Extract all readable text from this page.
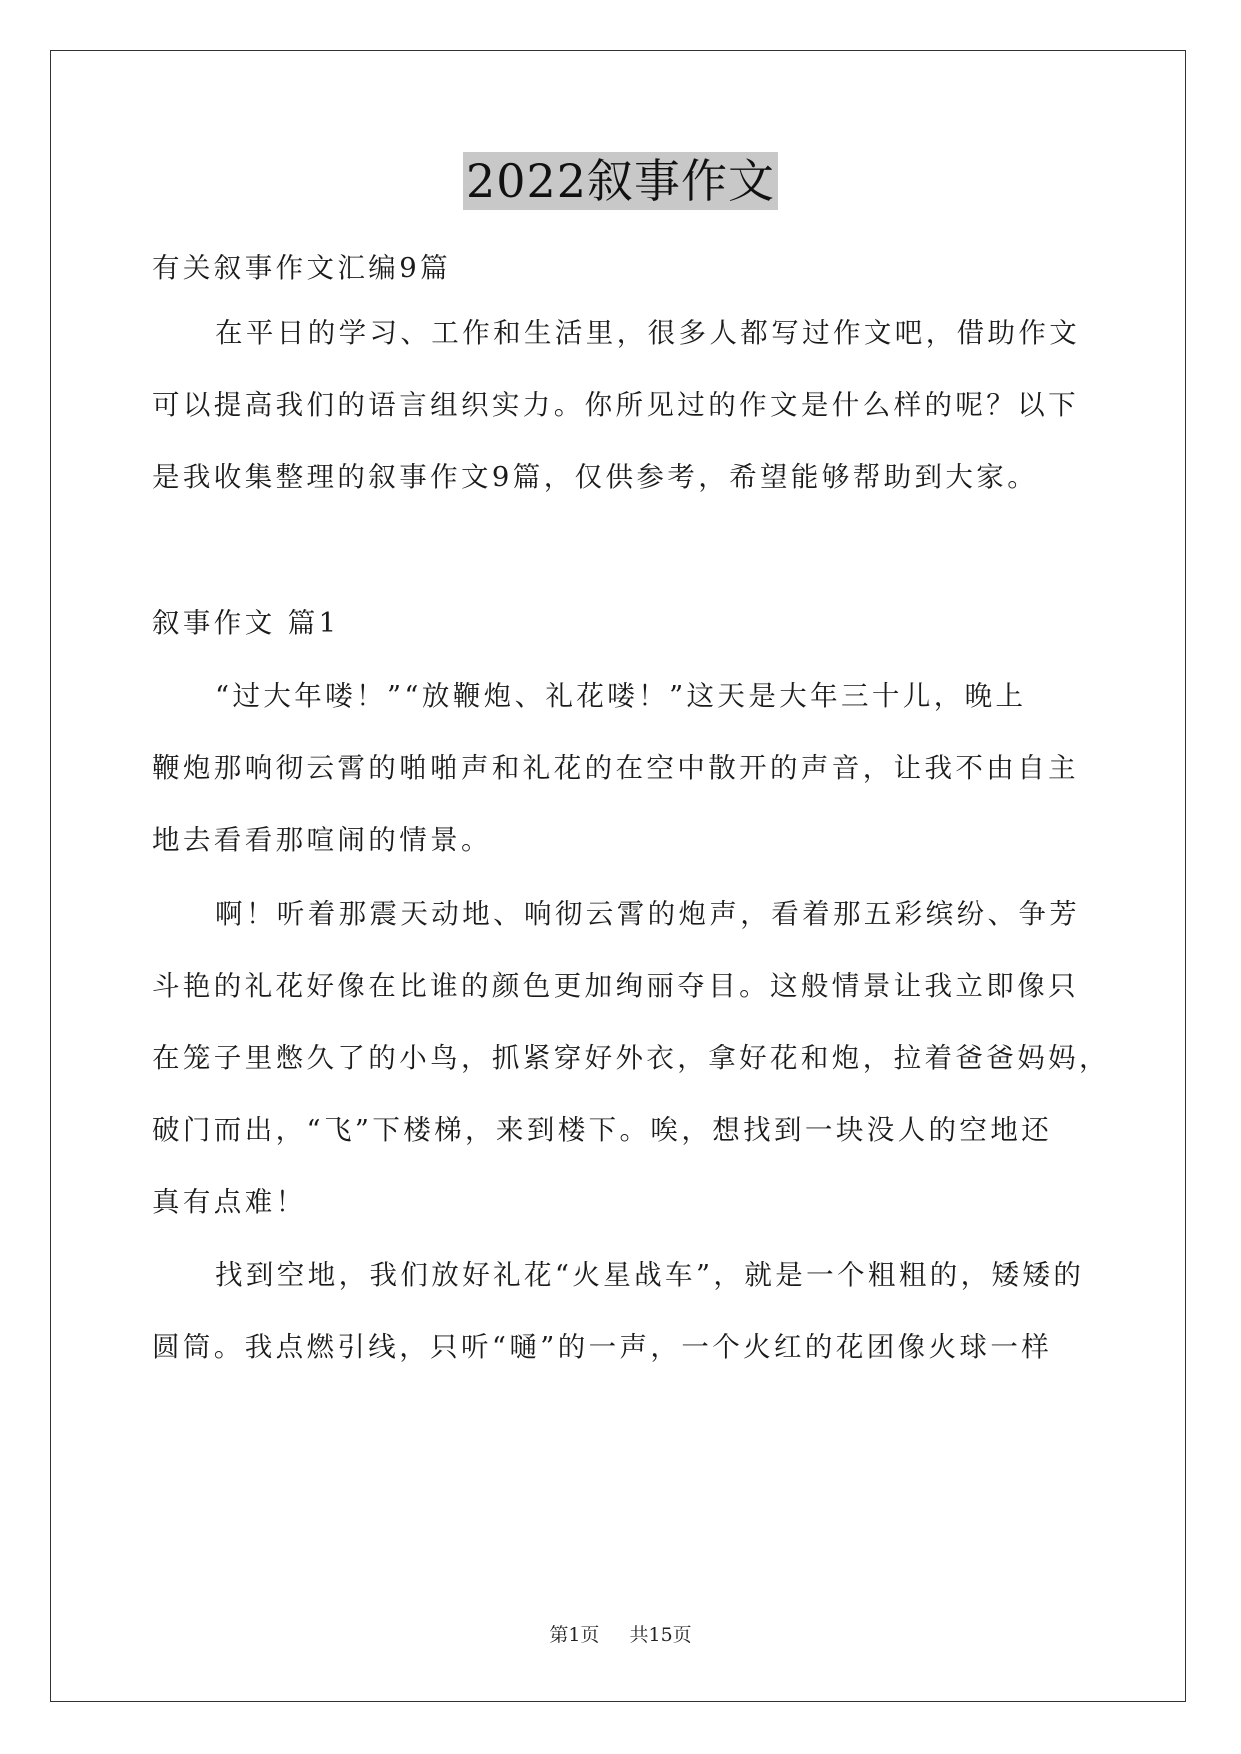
2022叙事作文
有关叙事作文汇编9篇
在平日的学习、工作和生活里，很多人都写过作文吧，借助作文
可以提高我们的语言组织实力。你所见过的作文是什么样的呢？以下
是我收集整理的叙事作文9篇，仅供参考，希望能够帮助到大家。
叙事作文 篇1
“过大年喽！”“放鞭炮、礼花喽！”这天是大年三十儿，晚上
鞭炮那响彻云霄的啪啪声和礼花的在空中散开的声音，让我不由自主
地去看看那喧闹的情景。
啊！听着那震天动地、响彻云霄的炮声，看着那五彩缤纷、争芳
斗艳的礼花好像在比谁的颜色更加绚丽夺目。这般情景让我立即像只
在笼子里憋久了的小鸟，抓紧穿好外衣，拿好花和炮，拉着爸爸妈妈，
破门而出，“飞”下楼梯，来到楼下。唉，想找到一块没人的空地还
真有点难！
找到空地，我们放好礼花“火星战车”，就是一个粗粗的，矮矮的
圆筒。我点燃引线，只听“嗵”的一声，一个火红的花团像火球一样
第1页 共15页
